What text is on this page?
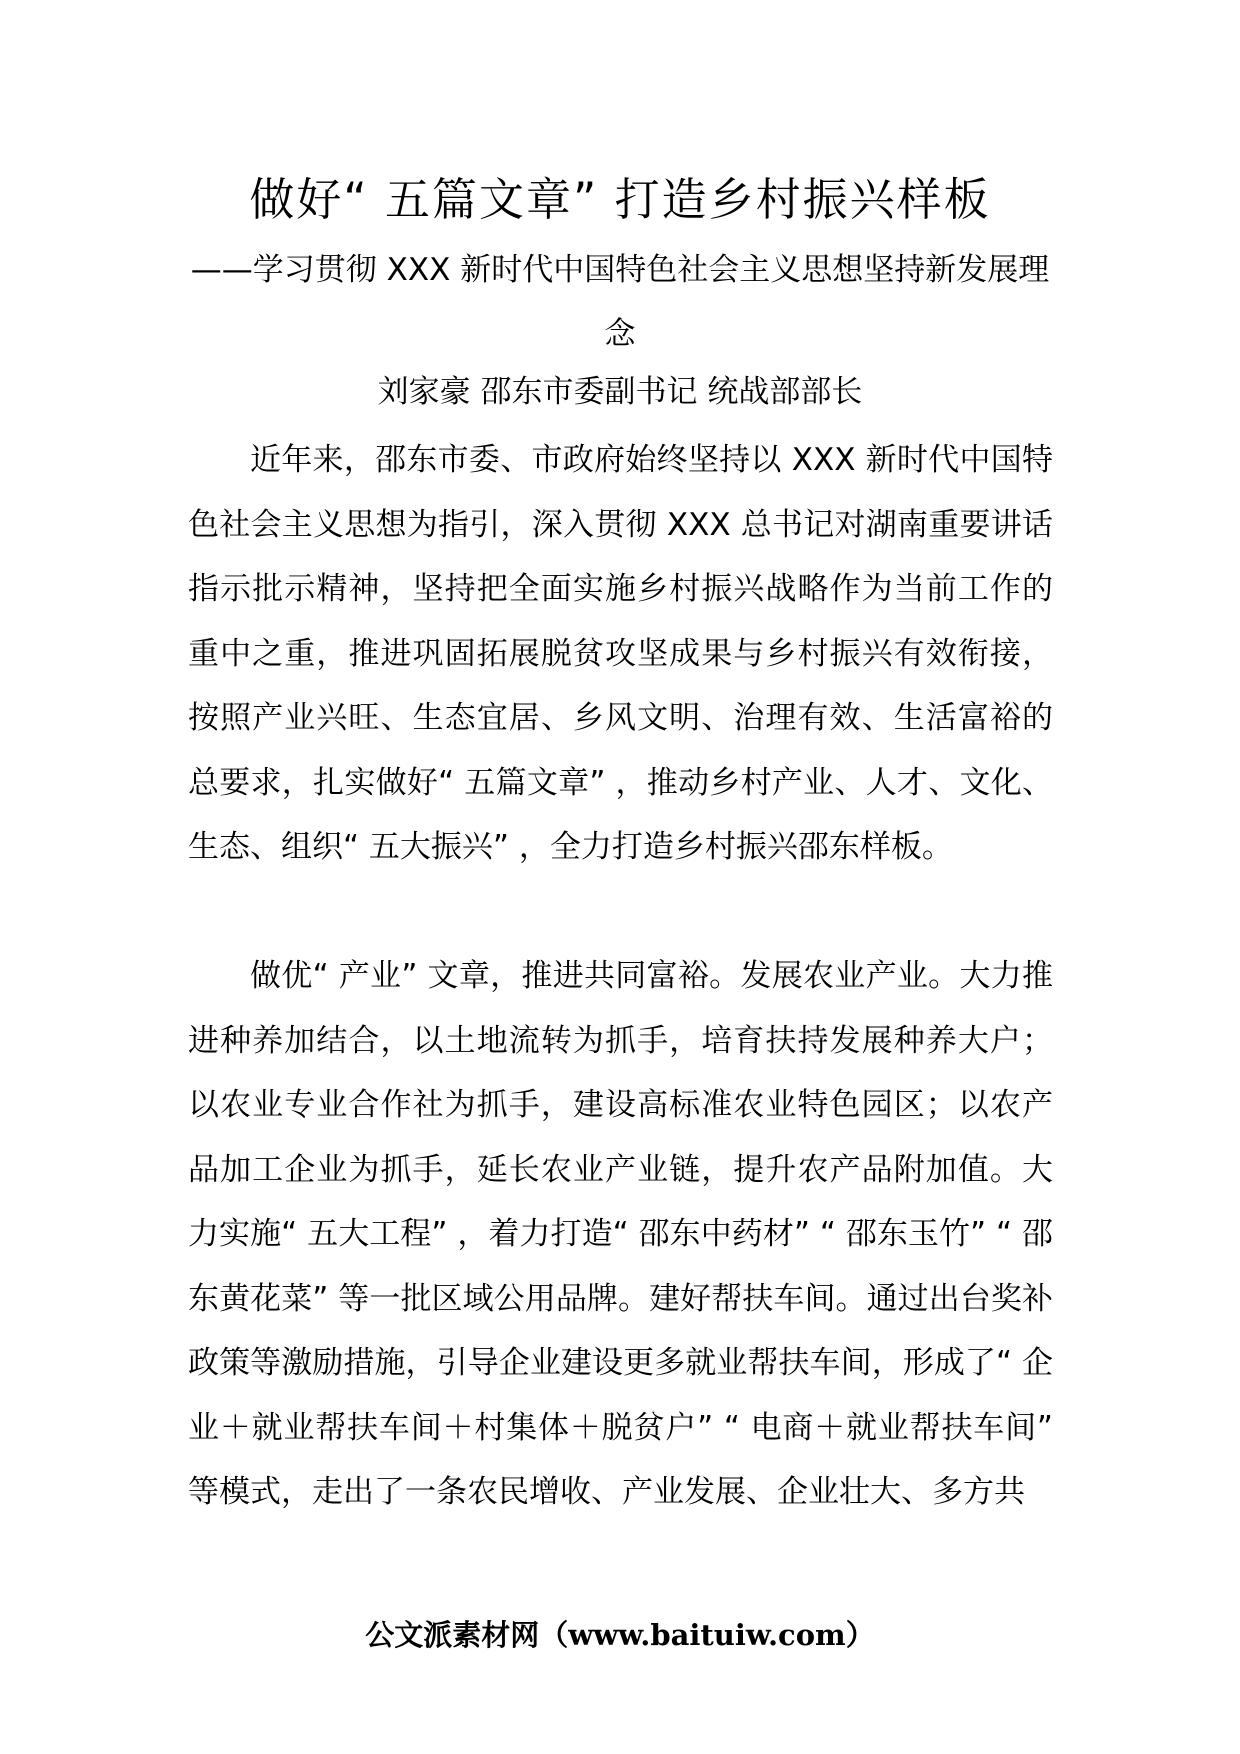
做好“ 五篇文章” 打造乡村振兴样板

——学习贯彻 XXX 新时代中国特色社会主义思想坚持新发展理念

刘家豪 邵东市委副书记 统战部部长

近年来，邵东市委、市政府始终坚持以 XXX 新时代中国特色社会主义思想为指引，深入贯彻 XXX 总书记对湖南重要讲话指示批示精神，坚持把全面实施乡村振兴战略作为当前工作的重中之重，推进巩固拓展脱贫攻坚成果与乡村振兴有效衔接，按照产业兴旺、生态宜居、乡风文明、治理有效、生活富裕的总要求，扎实做好“ 五篇文章” ，推动乡村产业、人才、文化、生态、组织“ 五大振兴” ，全力打造乡村振兴邵东样板。

做优“ 产业” 文章，推进共同富裕。发展农业产业。大力推进种养加结合，以土地流转为抓手，培育扶持发展种养大户；以农业专业合作社为抓手，建设高标准农业特色园区；以农产品加工企业为抓手，延长农业产业链，提升农产品附加值。大力实施“ 五大工程” ，着力打造“ 邵东中药材” “ 邵东玉竹” “ 邵东黄花菜” 等一批区域公用品牌。建好帮扶车间。通过出台奖补政策等激励措施，引导企业建设更多就业帮扶车间，形成了“ 企业＋就业帮扶车间＋村集体＋脱贫户” “ 电商＋就业帮扶车间” 等模式，走出了一条农民增收、产业发展、企业壮大、多方共

公文派素材网（www.baituiw.com）
